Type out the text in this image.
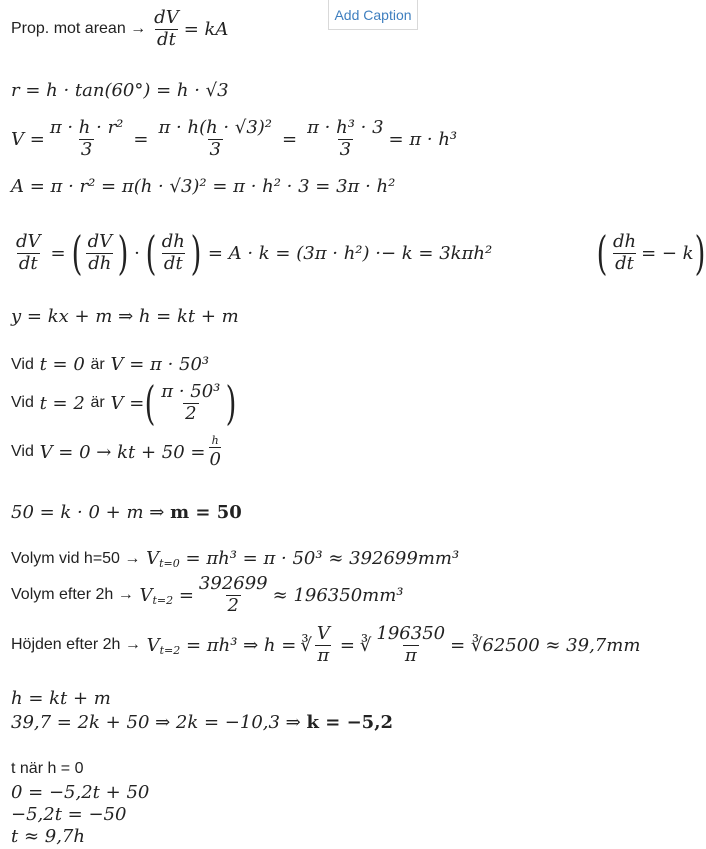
Add Caption
Prop. mot arean → $\frac{dV}{dt}$ = kA
r = h · tan(60°) = h · √3
$V = \frac{\text{π · h · r²}}{3} = \frac{\text{π · h(h · √3)²}}{3} = \frac{\text{π · h³ · 3}}{3} = \pi \cdot h^3$
A = π · r² = π(h · √3)² = π · h² · 3 = 3π · h²
$\frac{dV}{dt}$ = ( $\frac{dV}{dh}$ ) · ( $\frac{dh}{dt}$ ) = A · k = (3π · h²) ·− k = 3kπh² ( $\frac{dh}{dt}$ = − k )
y = kx + m ⇒ h = kt + m
Vid
t = 0
är
V = π · 50³
Vid
t = 2
är
V = ( $\frac{\text{π · 50³}}{2}$ )
Vid
V = 0 → kt + $50 = \frac{h}{0}$
50 = k · 0 + m ⇒
m = 50
Volym vid h=50 →
V t=0
= πh³ = π · 50³ ≈ 392699mm³
Volym efter 2h →
V t=2
= $\frac{392699}{2} \approx 196350mm^3$
Höjden efter 2h →
V t=2
= πh³ ⇒ h = ∛ $\frac{V}{\pi}$ = ∛ $\frac{196350}{\pi}$ = ∛62500 ≈ 39,7mm
h = kt + m
39,7 = 2k + 50 ⇒ 2k = −10,3 ⇒
k = −5,2
t när h = 0
0 = −5,2t + 50
−5,2t = −50
t ≈ 9,7h
